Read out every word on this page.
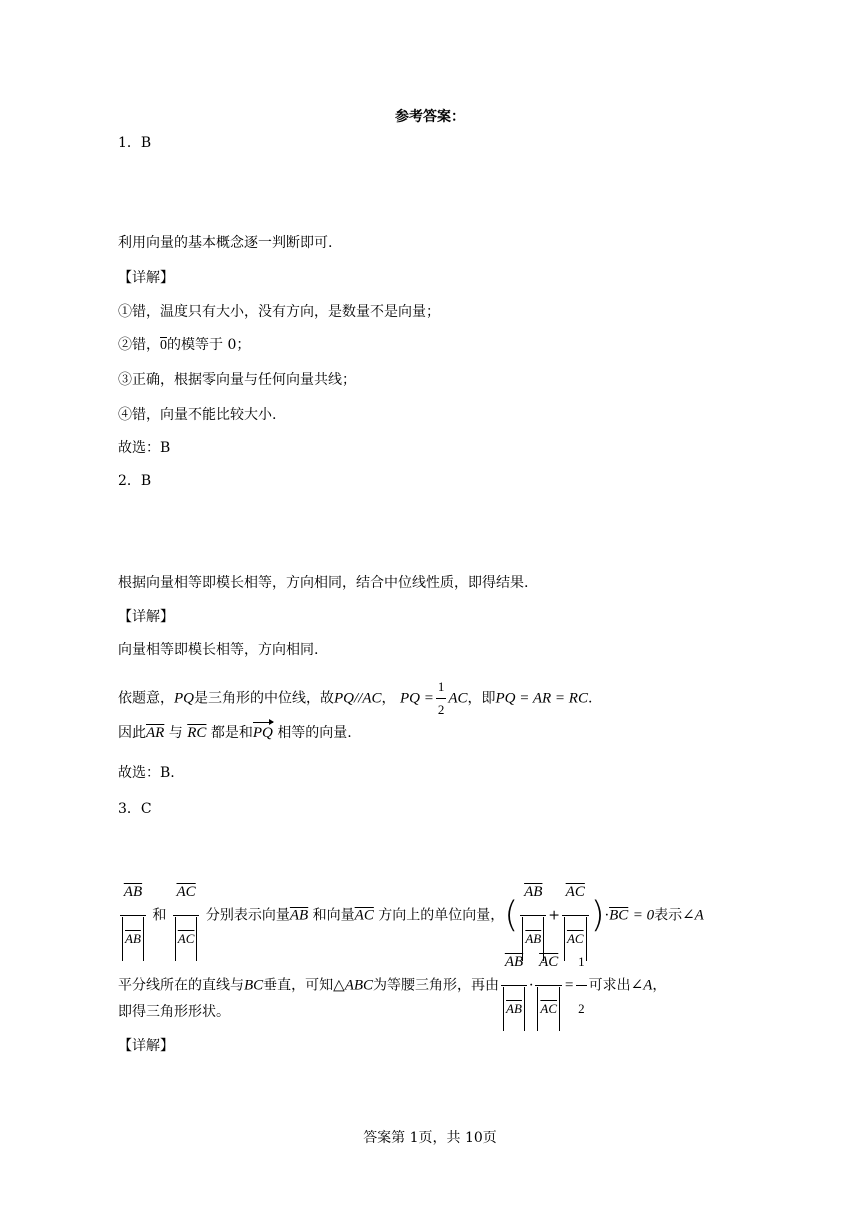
参考答案：
1．B
利用向量的基本概念逐一判断即可.
【详解】
①错，温度只有大小，没有方向，是数量不是向量；
②错，0的模等于 0；
③正确，根据零向量与任何向量共线；
④错，向量不能比较大小.
故选：B
2．B
根据向量相等即模长相等，方向相同，结合中位线性质，即得结果.
【详解】
向量相等即模长相等，方向相同.
依题意，PQ是三角形的中位线，故PQ//AC， PQ = $\frac{1}{2}$ AC，即PQ = AR = RC.
因此$\overline{AR}$ 与 $\overline{RC}$ 都是和PQ 相等的向量.
故选：B.
3．C
$\frac{\overline{AB}}{AB}$ 和 $\frac{\overline{AC}}{AC}$ 分别表示向量$\overline{AB}$ 和向量$\overline{AC}$ 方向上的单位向量，( $\frac{\overline{AB}}{AB} + \frac{\overline{AC}}{AC} )\cdot\overline{BC} = 0$表示∠A
平分线所在的直线与BC垂直，可知△ABC为等腰三角形，再由 $\frac{\overline{AB}}{AB} \cdot \frac{\overline{AC}}{AC} = \frac{1}{2}$ 可求出∠A，
即得三角形形状。
【详解】
答案第 1页，共 10页
